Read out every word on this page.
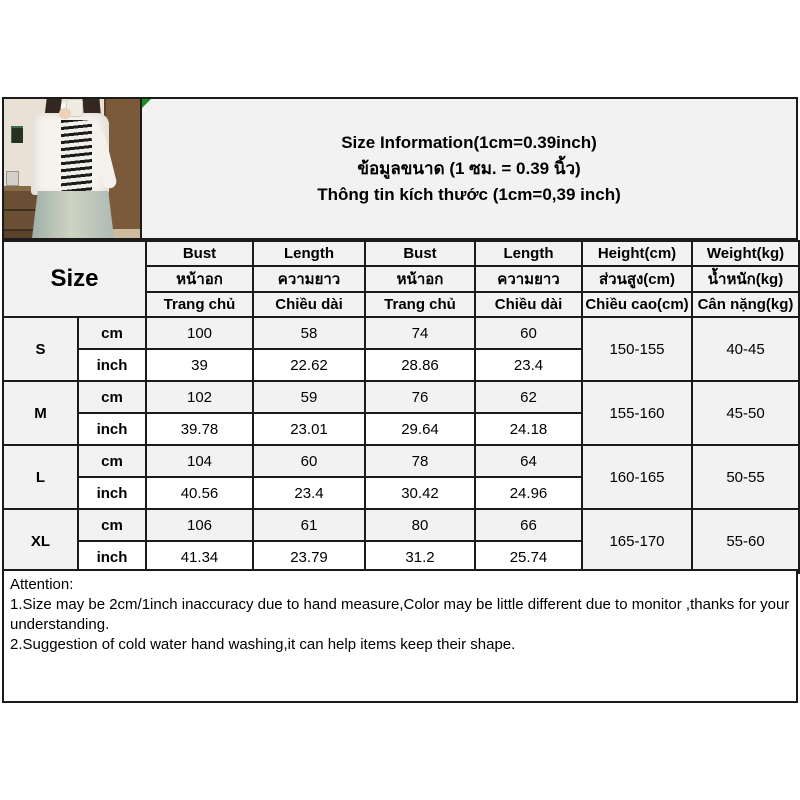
Size Information(1cm=0.39inch)
ข้อมูลขนาด (1 ซม. = 0.39 นิ้ว)
Thông tin kích thước (1cm=0,39 inch)
Size		Bust	Length	Bust	Length	Height(cm)	Weight(kg)
		หน้าอก	ความยาว	หน้าอก	ความยาว	ส่วนสูง(cm)	น้ำหนัก(kg)
		Trang chủ	Chiều dài	Trang chủ	Chiều dài	Chiều cao(cm)	Cân nặng(kg)
S	cm	100	58	74	60	150-155	40-45
	inch	39	22.62	28.86	23.4		
M	cm	102	59	76	62	155-160	45-50
	inch	39.78	23.01	29.64	24.18		
L	cm	104	60	78	64	160-165	50-55
	inch	40.56	23.4	30.42	24.96		
XL	cm	106	61	80	66	165-170	55-60
	inch	41.34	23.79	31.2	25.74		
Attention:
1.Size may be 2cm/1inch inaccuracy due to hand measure,Color may be little different due to monitor ,thanks for your understanding.
2.Suggestion of cold water hand washing,it can help items keep their shape.
